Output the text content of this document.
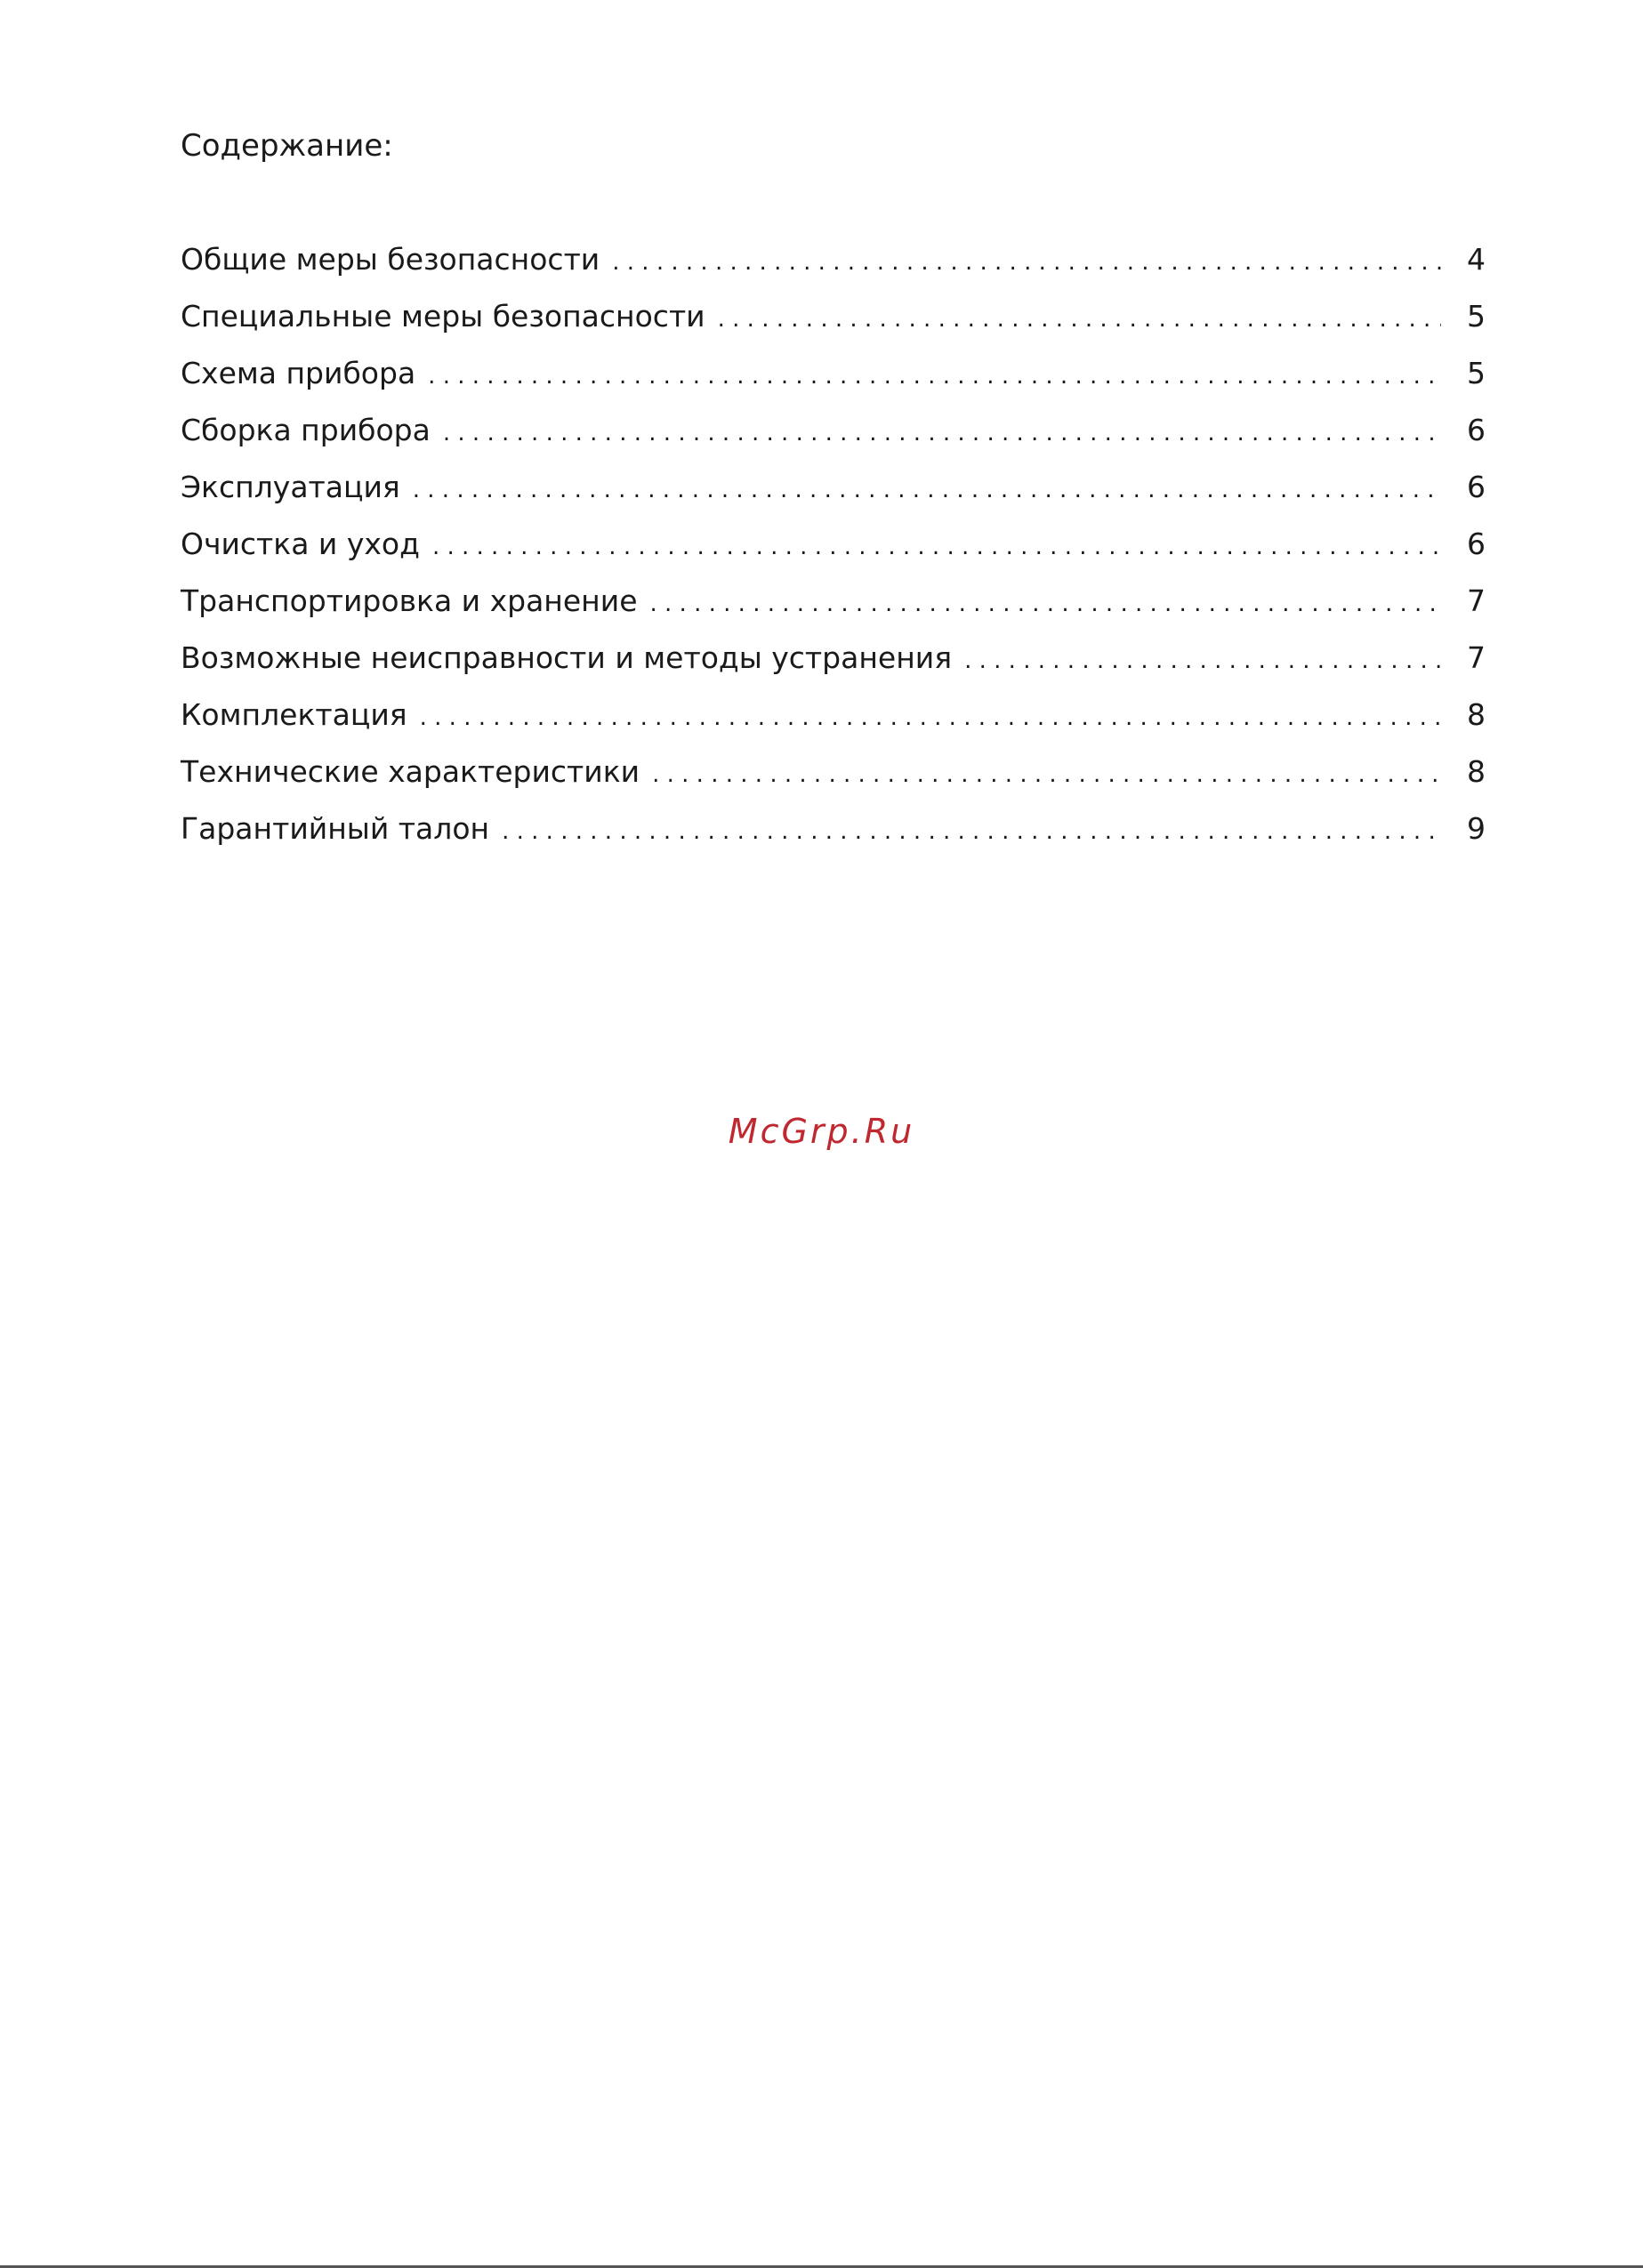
Содержание:
Общие меры безопасности . . .	4
Специальные меры безопасности . . .	5
Схема прибора . . .	5
Сборка прибора . . .	6
Эксплуатация . . .	6
Очистка и уход . . .	6
Транспортировка и хранение . . .	7
Возможные неисправности и методы устранения . . .	7
Комплектация . . .	8
Технические характеристики . . .	8
Гарантийный талон . . .	9
McGrp.Ru
